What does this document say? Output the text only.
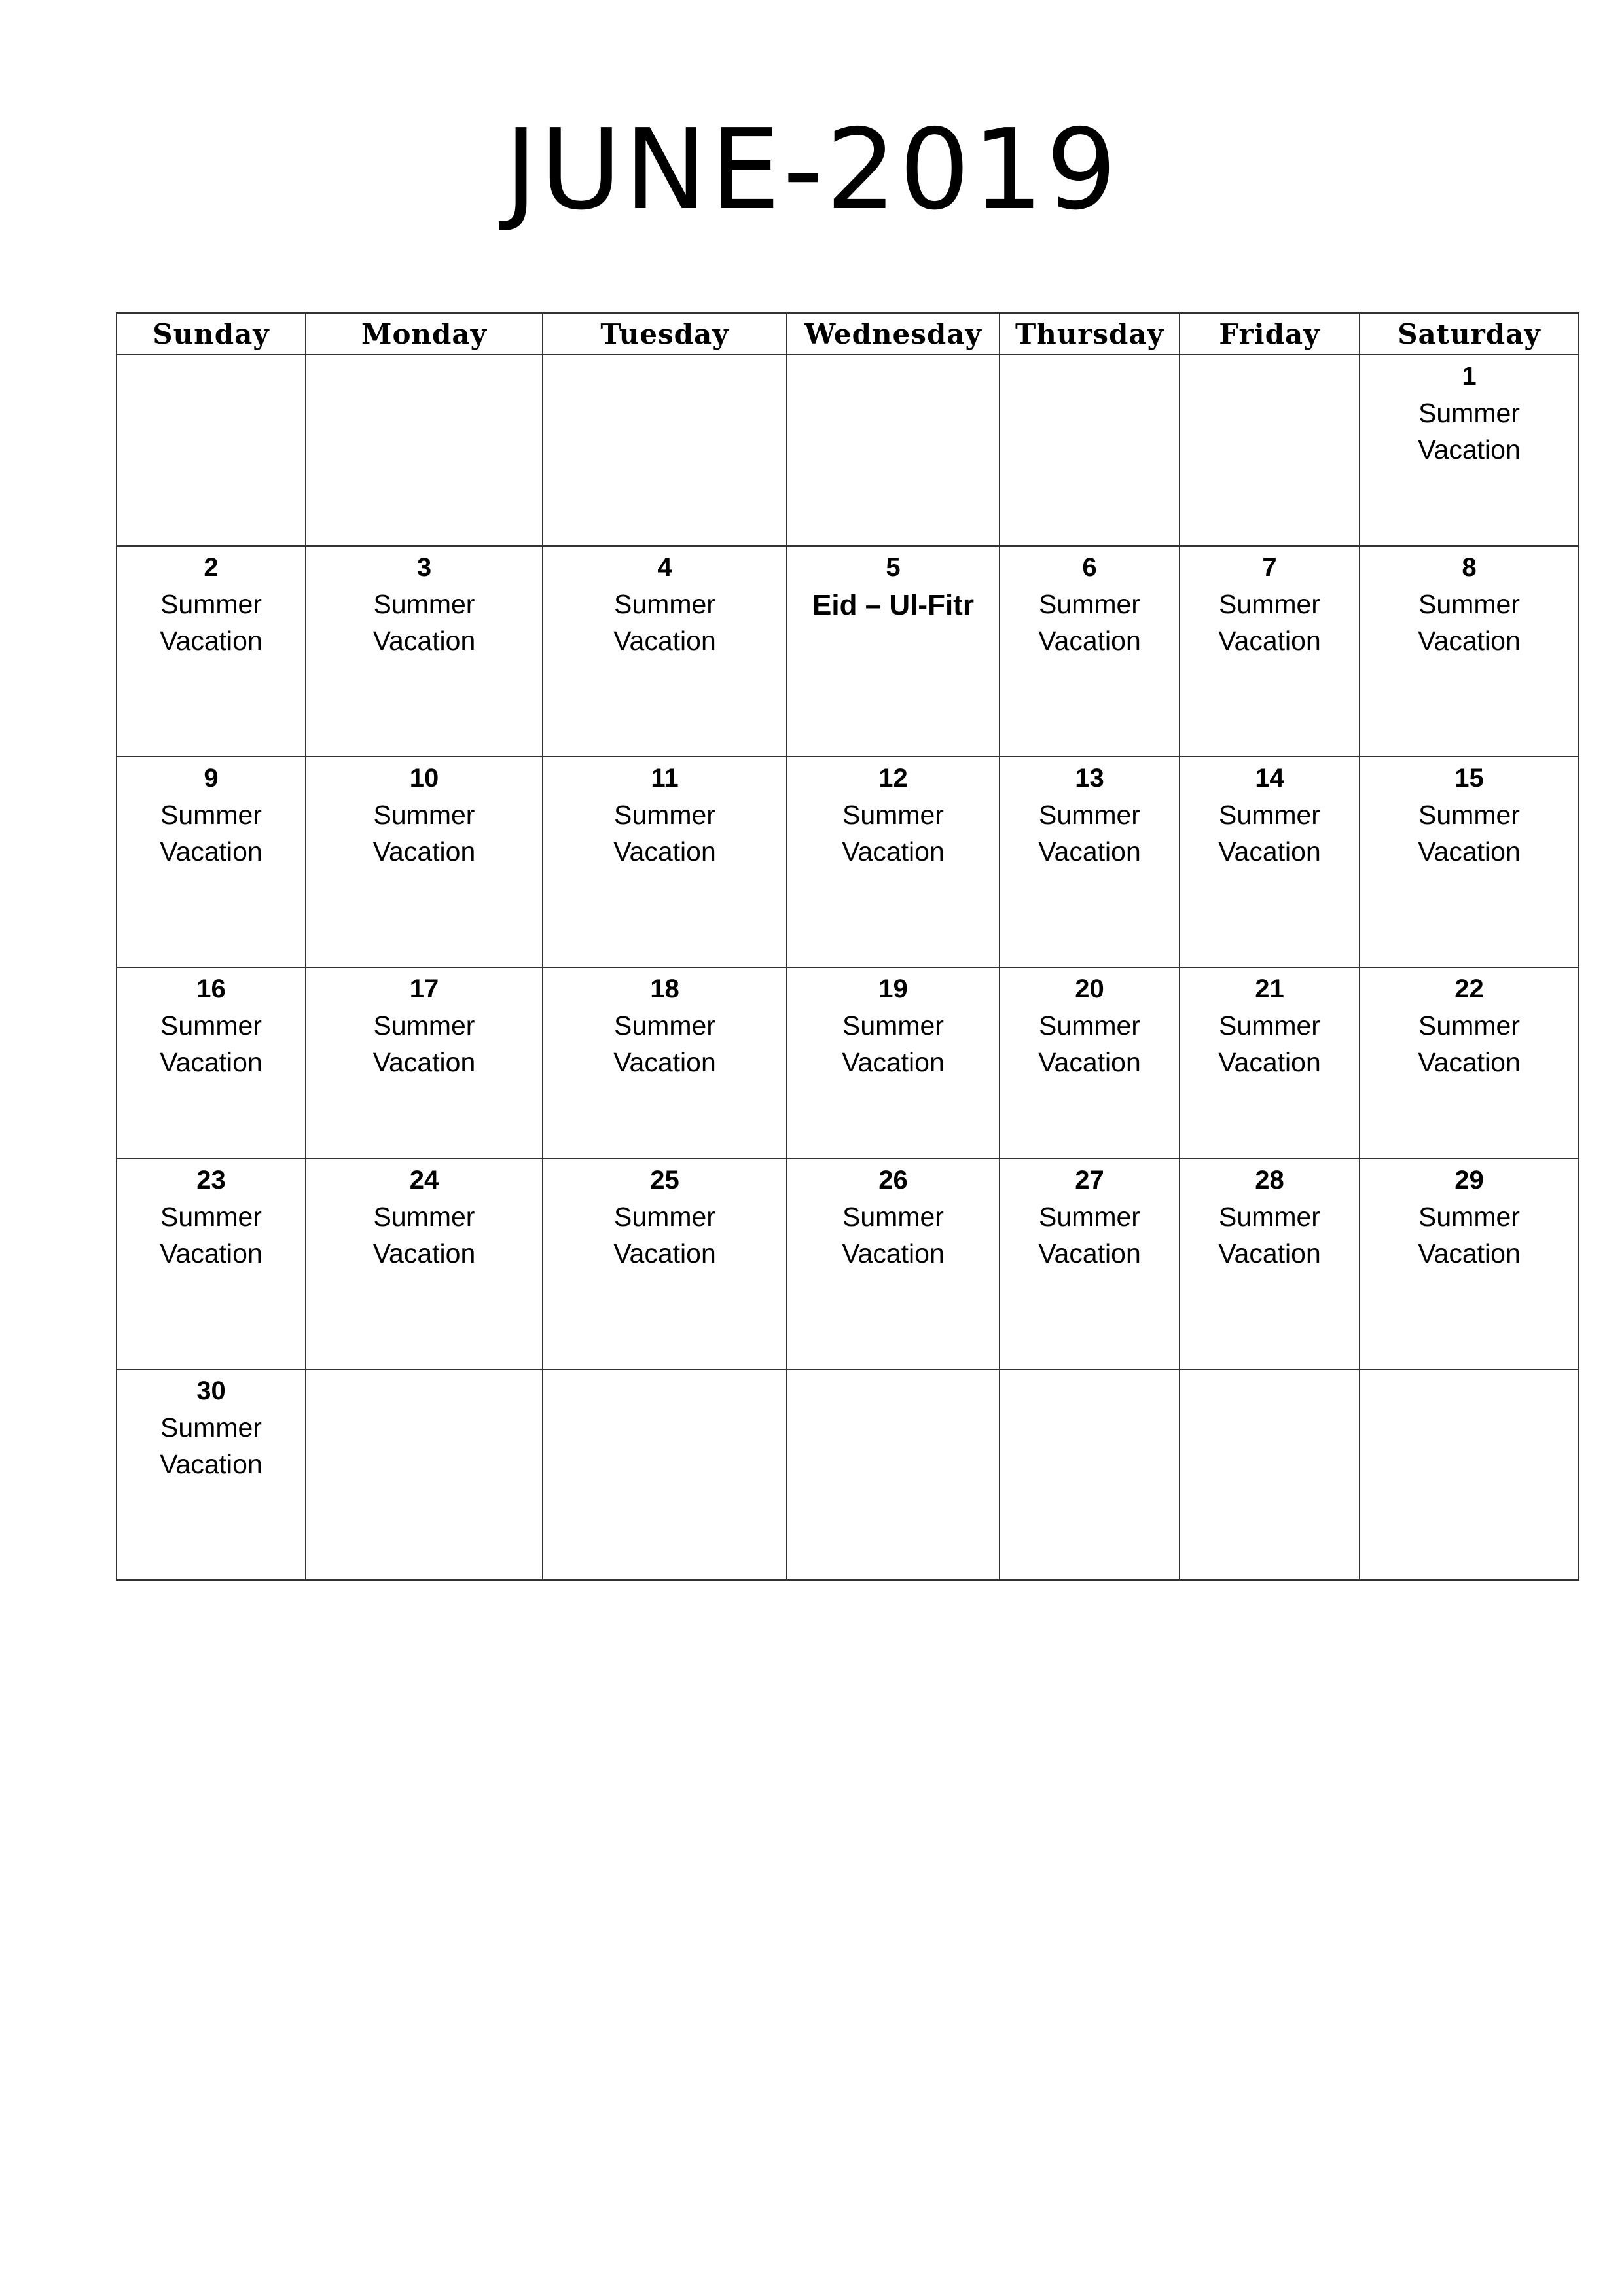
JUNE-2019
Sunday	Monday	Tuesday	Wednesday	Thursday	Friday	Saturday

						1
Summer
Vacation

2
Summer
Vacation	3
Summer
Vacation	4
Summer
Vacation	5
Eid – Ul-Fitr	6
Summer
Vacation	7
Summer
Vacation	8
Summer
Vacation

9
Summer
Vacation	10
Summer
Vacation	11
Summer
Vacation	12
Summer
Vacation	13
Summer
Vacation	14
Summer
Vacation	15
Summer
Vacation

16
Summer
Vacation	17
Summer
Vacation	18
Summer
Vacation	19
Summer
Vacation	20
Summer
Vacation	21
Summer
Vacation	22
Summer
Vacation

23
Summer
Vacation	24
Summer
Vacation	25
Summer
Vacation	26
Summer
Vacation	27
Summer
Vacation	28
Summer
Vacation	29
Summer
Vacation

30
Summer
Vacation						
